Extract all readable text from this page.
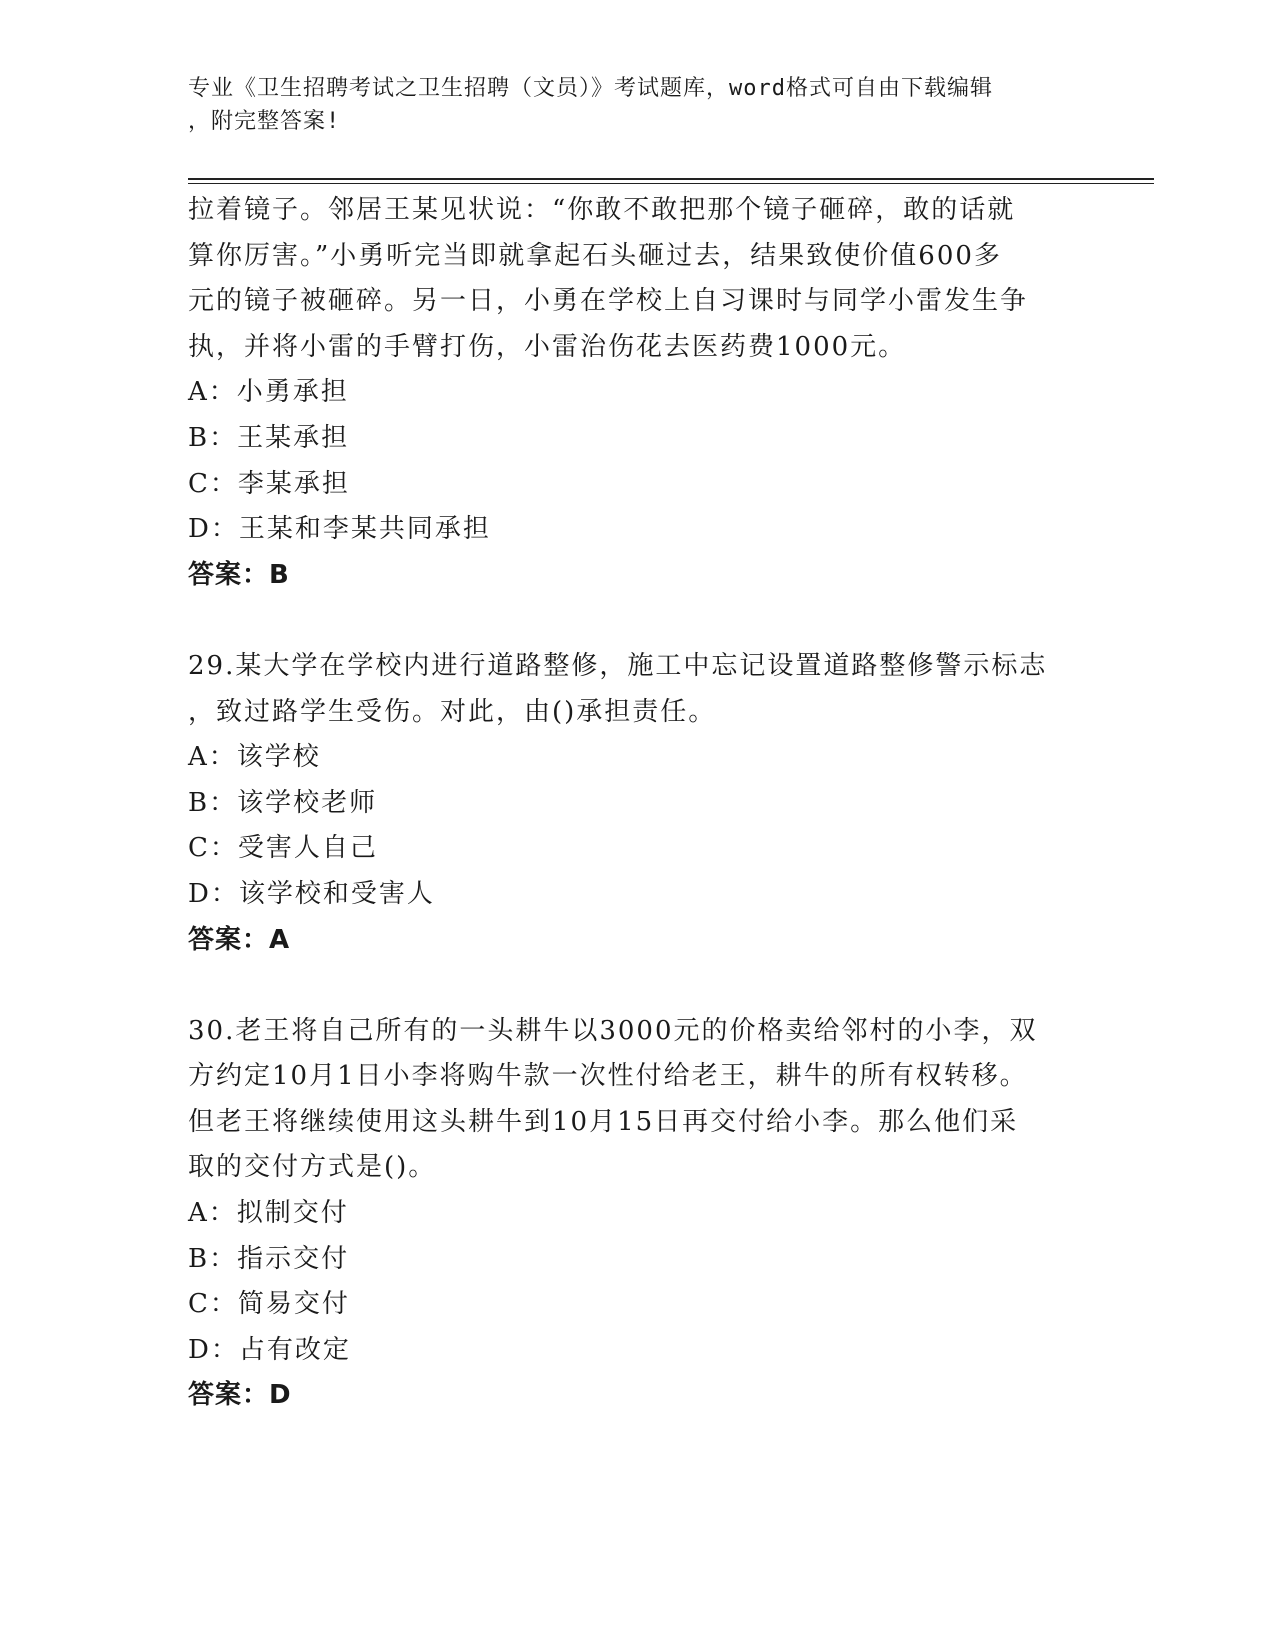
专业《卫生招聘考试之卫生招聘（文员）》考试题库，word格式可自由下载编辑
，附完整答案!
拉着镜子。邻居王某见状说：“你敢不敢把那个镜子砸碎，敢的话就
算你厉害。”小勇听完当即就拿起石头砸过去，结果致使价值600多
元的镜子被砸碎。另一日，小勇在学校上自习课时与同学小雷发生争
执，并将小雷的手臂打伤，小雷治伤花去医药费1000元。
A：小勇承担
B：王某承担
C：李某承担
D：王某和李某共同承担
答案：B
29.某大学在学校内进行道路整修，施工中忘记设置道路整修警示标志
，致过路学生受伤。对此，由()承担责任。
A：该学校
B：该学校老师
C：受害人自己
D：该学校和受害人
答案：A
30.老王将自己所有的一头耕牛以3000元的价格卖给邻村的小李，双
方约定10月1日小李将购牛款一次性付给老王，耕牛的所有权转移。
但老王将继续使用这头耕牛到10月15日再交付给小李。那么他们采
取的交付方式是()。
A：拟制交付
B：指示交付
C：简易交付
D：占有改定
答案：D
